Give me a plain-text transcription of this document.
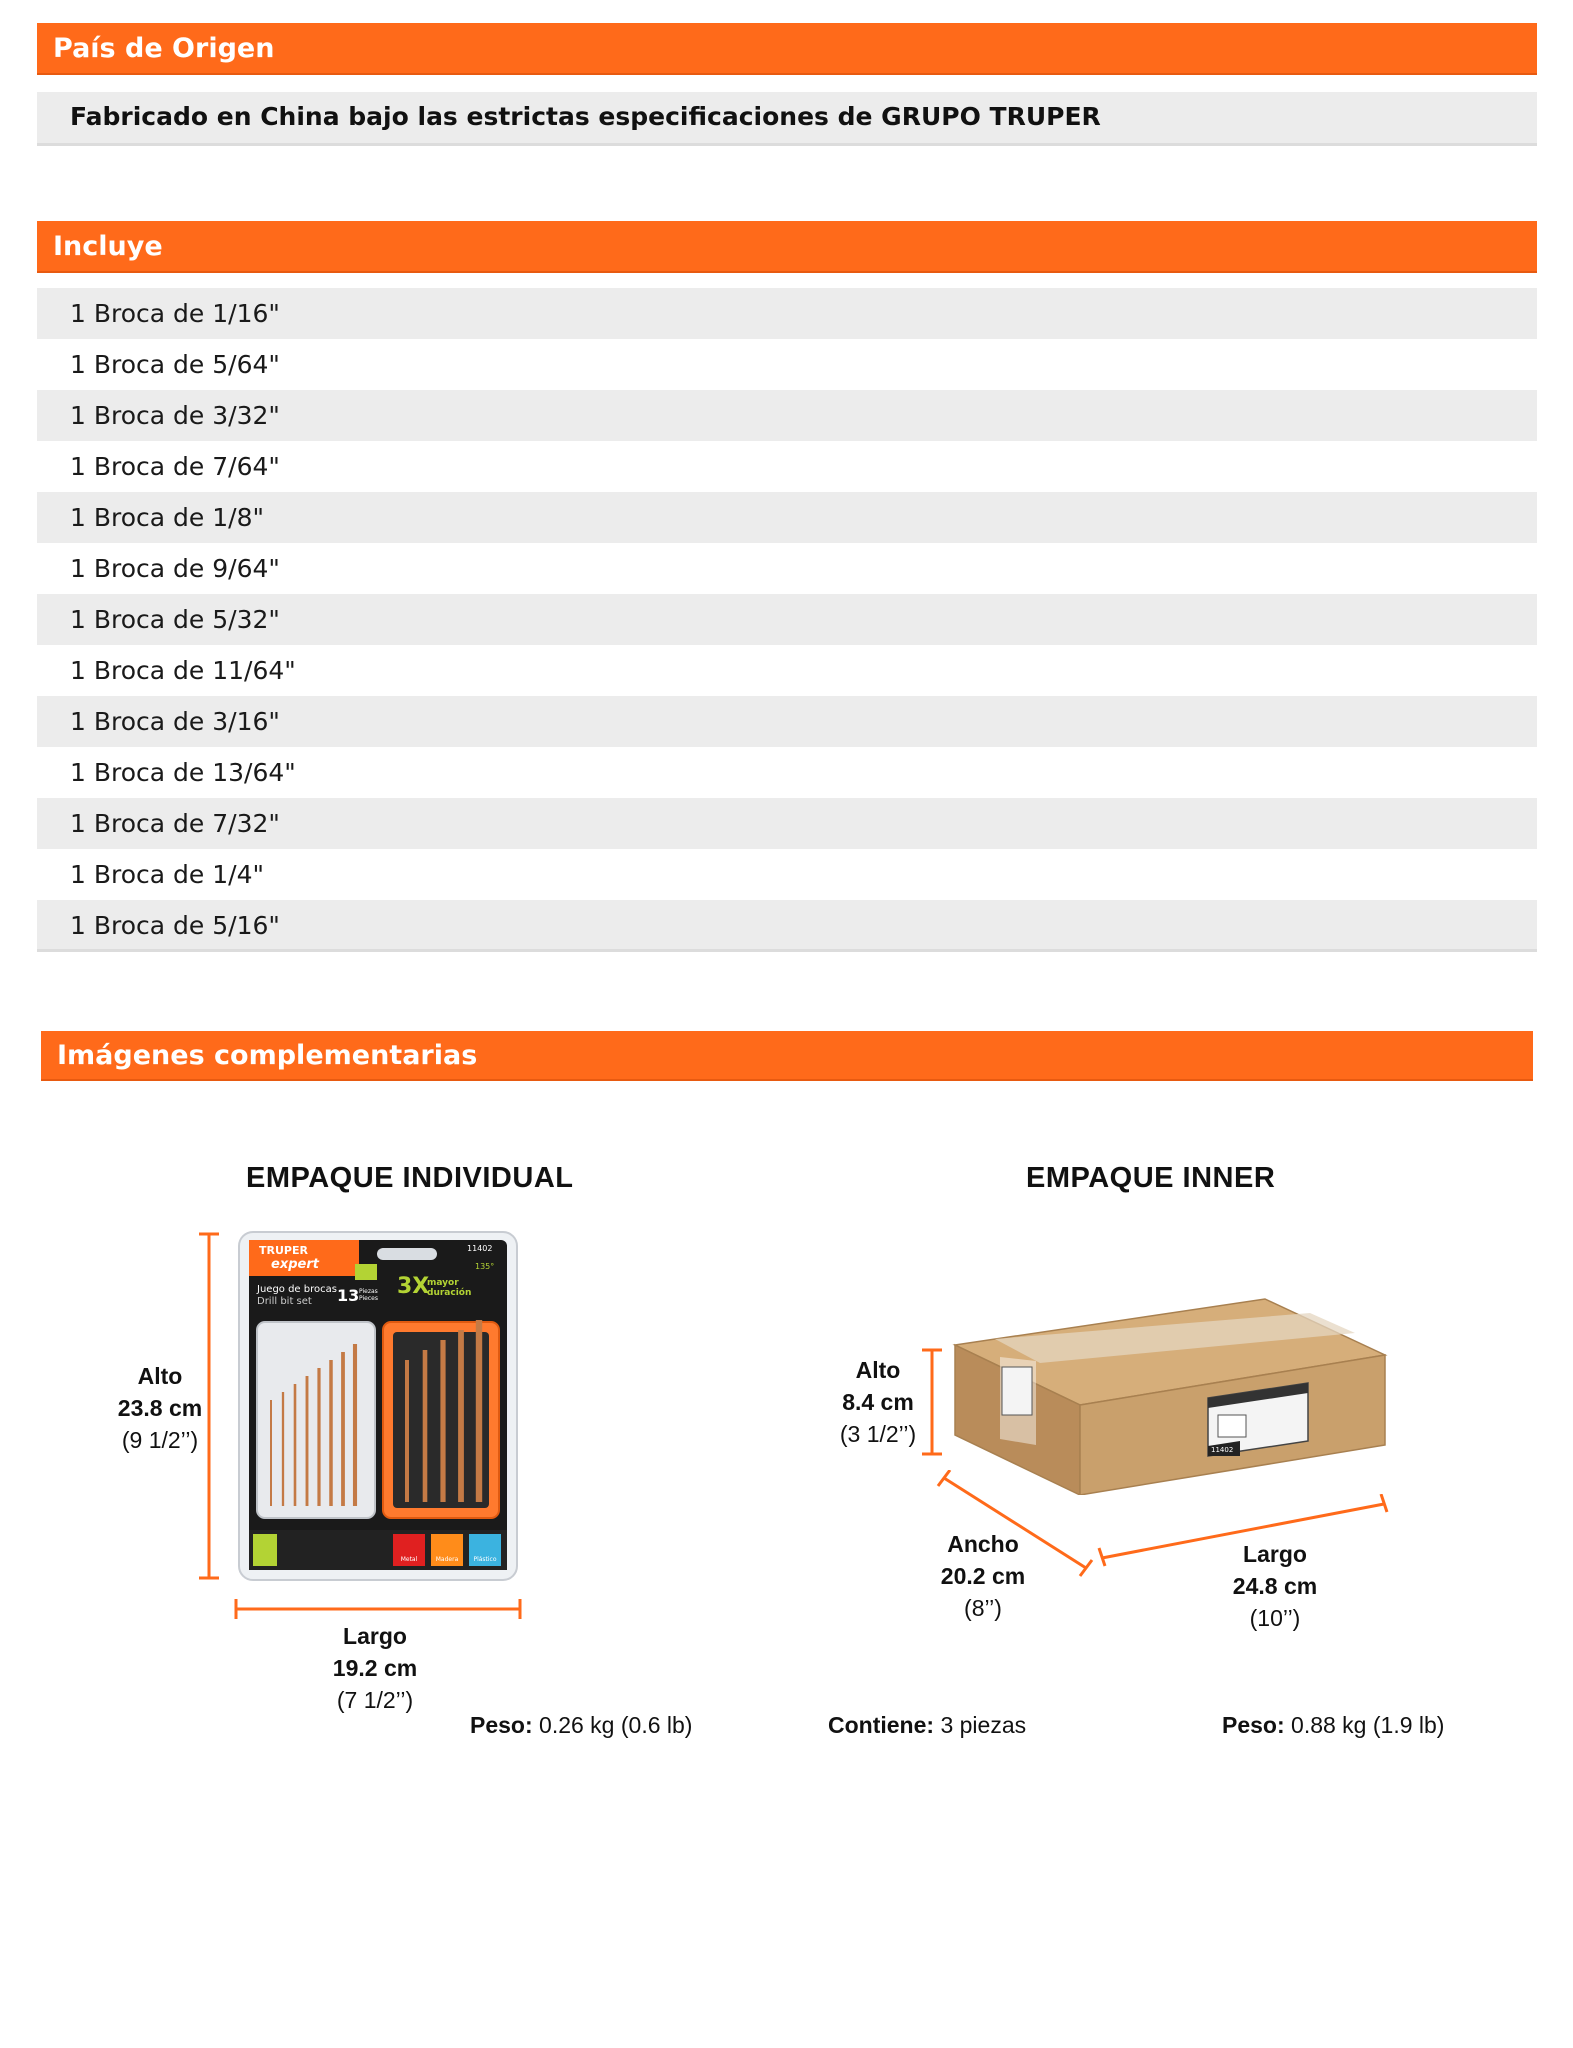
País de Origen
Fabricado en China bajo las estrictas especificaciones de GRUPO TRUPER
Incluye
1 Broca de 1/16"
1 Broca de 5/64"
1 Broca de 3/32"
1 Broca de 7/64"
1 Broca de 1/8"
1 Broca de 9/64"
1 Broca de 5/32"
1 Broca de 11/64"
1 Broca de 3/16"
1 Broca de 13/64"
1 Broca de 7/32"
1 Broca de 1/4"
1 Broca de 5/16"
Imágenes complementarias
EMPAQUE INDIVIDUAL
Alto
23.8 cm
(9 1/2’’)
TRUPER
expert
11402
Juego de brocas
Drill bit set 13 Piezas Pieces 3X
mayor duración
135°
Metal	Madera	Plástico
Largo
19.2 cm
(7 1/2’’)
Peso: 0.26 kg (0.6 lb)
EMPAQUE INNER
Alto
8.4 cm
(3 1/2’’)
11402
Ancho
20.2 cm
(8’’)
Largo
24.8 cm
(10’’)
Contiene: 3 piezas	Peso: 0.88 kg (1.9 lb)
